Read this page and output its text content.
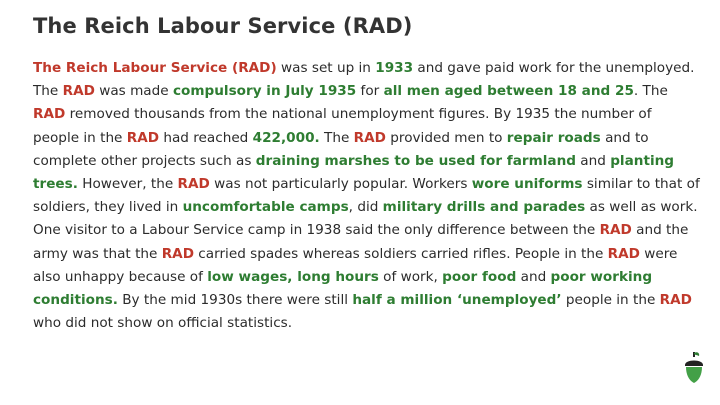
The Reich Labour Service (RAD)
The Reich Labour Service (RAD) was set up in 1933 and gave paid work for the unemployed. The RAD was made compulsory in July 1935 for all men aged between 18 and 25. The RAD removed thousands from the national unemployment figures. By 1935 the number of people in the RAD had reached 422,000. The RAD provided men to repair roads and to complete other projects such as draining marshes to be used for farmland and planting trees. However, the RAD was not particularly popular. Workers wore uniforms similar to that of soldiers, they lived in uncomfortable camps, did military drills and parades as well as work. One visitor to a Labour Service camp in 1938 said the only difference between the RAD and the army was that the RAD carried spades whereas soldiers carried rifles. People in the RAD were also unhappy because of low wages, long hours of work, poor food and poor working conditions. By the mid 1930s there were still half a million ‘unemployed’ people in the RAD who did not show on official statistics.
